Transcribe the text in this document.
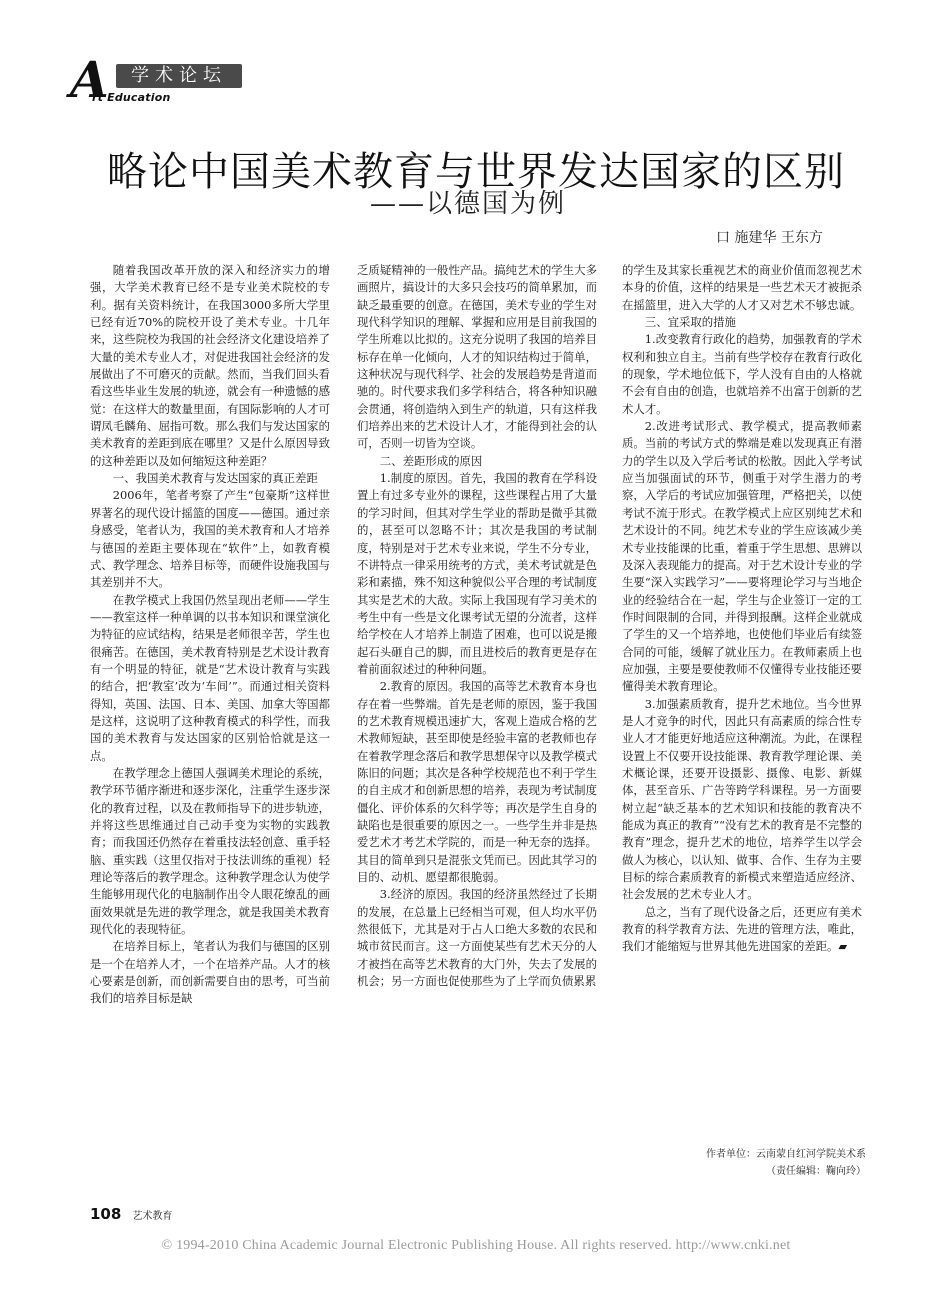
A	学术论坛
rt Education
略论中国美术教育与世界发达国家的区别
——以德国为例
口 施建华 王东方

随着我国改革开放的深入和经济实力的增强，大学美术教育已经不是专业美术院校的专利。据有关资料统计，在我国3000多所大学里已经有近70%的院校开设了美术专业。十几年来，这些院校为我国的社会经济文化建设培养了大量的美术专业人才，对促进我国社会经济的发展做出了不可磨灭的贡献。然而，当我们回头看看这些毕业生发展的轨迹，就会有一种遗憾的感觉：在这样大的数量里面，有国际影响的人才可谓凤毛麟角、屈指可数。那么我们与发达国家的美术教育的差距到底在哪里？又是什么原因导致的这种差距以及如何缩短这种差距？

一、我国美术教育与发达国家的真正差距

2006年，笔者考察了产生“包豪斯”这样世界著名的现代设计摇篮的国度——德国。通过亲身感受，笔者认为，我国的美术教育和人才培养与德国的差距主要体现在“软件”上，如教育模式、教学理念、培养目标等，而硬件设施我国与其差别并不大。

在教学模式上我国仍然呈现出老师——学生——教室这样一种单调的以书本知识和课堂演化为特征的应试结构，结果是老师很辛苦，学生也很痛苦。在德国，美术教育特别是艺术设计教育有一个明显的特征，就是“艺术设计教育与实践的结合，把‘教室’改为‘车间’”。而通过相关资料得知，英国、法国、日本、美国、加拿大等国都是这样，这说明了这种教育模式的科学性，而我国的美术教育与发达国家的区别恰恰就是这一点。

在教学理念上德国人强调美术理论的系统，教学环节循序渐进和逐步深化，注重学生逐步深化的教育过程，以及在教师指导下的进步轨迹，并将这些思维通过自己动手变为实物的实践教育；而我国还仍然存在着重技法轻创意、重手轻脑、重实践（这里仅指对于技法训练的重视）轻理论等落后的教学理念。这种教学理念认为使学生能够用现代化的电脑制作出令人眼花缭乱的画面效果就是先进的教学理念，就是我国美术教育现代化的表现特征。

在培养目标上，笔者认为我们与德国的区别是一个在培养人才，一个在培养产品。人才的核心要素是创新，而创新需要自由的思考，可当前我们的培养目标是缺

乏质疑精神的一般性产品。搞纯艺术的学生大多画照片，搞设计的大多只会技巧的简单累加，而缺乏最重要的创意。在德国，美术专业的学生对现代科学知识的理解、掌握和应用是目前我国的学生所难以比拟的。这充分说明了我国的培养目标存在单一化倾向，人才的知识结构过于简单，这种状况与现代科学、社会的发展趋势是背道而驰的。时代要求我们多学科结合，将各种知识融会贯通，将创造纳入到生产的轨道，只有这样我们培养出来的艺术设计人才，才能得到社会的认可，否则一切皆为空谈。

二、差距形成的原因

1.制度的原因。首先，我国的教育在学科设置上有过多专业外的课程，这些课程占用了大量的学习时间，但其对学生学业的帮助是微乎其微的，甚至可以忽略不计；其次是我国的考试制度，特别是对于艺术专业来说，学生不分专业，不讲特点一律采用统考的方式，美术考试就是色彩和素描，殊不知这种貌似公平合理的考试制度其实是艺术的大敌。实际上我国现有学习美术的考生中有一些是文化课考试无望的分流者，这样给学校在人才培养上制造了困难，也可以说是搬起石头砸自己的脚，而且进校后的教育更是存在着前面叙述过的种种问题。

2.教育的原因。我国的高等艺术教育本身也存在着一些弊端。首先是老师的原因，鉴于我国的艺术教育规模迅速扩大，客观上造成合格的艺术教师短缺，甚至即使是经验丰富的老教师也存在着教学理念落后和教学思想保守以及教学模式陈旧的问题；其次是各种学校规范也不利于学生的自主成才和创新思想的培养，表现为考试制度僵化、评价体系的欠科学等；再次是学生自身的缺陷也是很重要的原因之一。一些学生并非是热爱艺术才考艺术学院的，而是一种无奈的选择。其目的简单到只是混张文凭而已。因此其学习的目的、动机、愿望都很脆弱。

3.经济的原因。我国的经济虽然经过了长期的发展，在总量上已经相当可观，但人均水平仍然很低下，尤其是对于占人口绝大多数的农民和城市贫民而言。这一方面使某些有艺术天分的人才被挡在高等艺术教育的大门外，失去了发展的机会；另一方面也促使那些为了上学而负债累累

的学生及其家长重视艺术的商业价值而忽视艺术本身的价值，这样的结果是一些艺术天才被扼杀在摇篮里，进入大学的人才又对艺术不够忠诚。

三、宜采取的措施

1.改变教育行政化的趋势，加强教育的学术权利和独立自主。当前有些学校存在教育行政化的现象，学术地位低下，学人没有自由的人格就不会有自由的创造，也就培养不出富于创新的艺术人才。

2.改进考试形式、教学模式，提高教师素质。当前的考试方式的弊端是难以发现真正有潜力的学生以及入学后考试的松散。因此入学考试应当加强面试的环节，侧重于对学生潜力的考察，入学后的考试应加强管理，严格把关，以使考试不流于形式。在教学模式上应区别纯艺术和艺术设计的不同。纯艺术专业的学生应该减少美术专业技能课的比重，着重于学生思想、思辨以及深入表现能力的提高。对于艺术设计专业的学生要“深入实践学习”——要将理论学习与当地企业的经验结合在一起，学生与企业签订一定的工作时间限制的合同，并得到报酬。这样企业就成了学生的又一个培养地，也使他们毕业后有续签合同的可能，缓解了就业压力。在教师素质上也应加强，主要是要使教师不仅懂得专业技能还要懂得美术教育理论。

3.加强素质教育，提升艺术地位。当今世界是人才竞争的时代，因此只有高素质的综合性专业人才才能更好地适应这种潮流。为此，在课程设置上不仅要开设技能课、教育教学理论课、美术概论课，还要开设摄影、摄像、电影、新媒体，甚至音乐、广告等跨学科课程。另一方面要树立起“缺乏基本的艺术知识和技能的教育决不能成为真正的教育”“没有艺术的教育是不完整的教育”理念，提升艺术的地位，培养学生以学会做人为核心，以认知、做事、合作、生存为主要目标的综合素质教育的新模式来塑造适应经济、社会发展的艺术专业人才。

总之，当有了现代设备之后，还更应有美术教育的科学教育方法、先进的管理方法，唯此，我们才能缩短与世界其他先进国家的差距。▰

作者单位：云南蒙自红河学院美术系
（责任编辑：鞠向玲）
108 艺术教育
© 1994-2010 China Academic Journal Electronic Publishing House. All rights reserved. http://www.cnki.net
